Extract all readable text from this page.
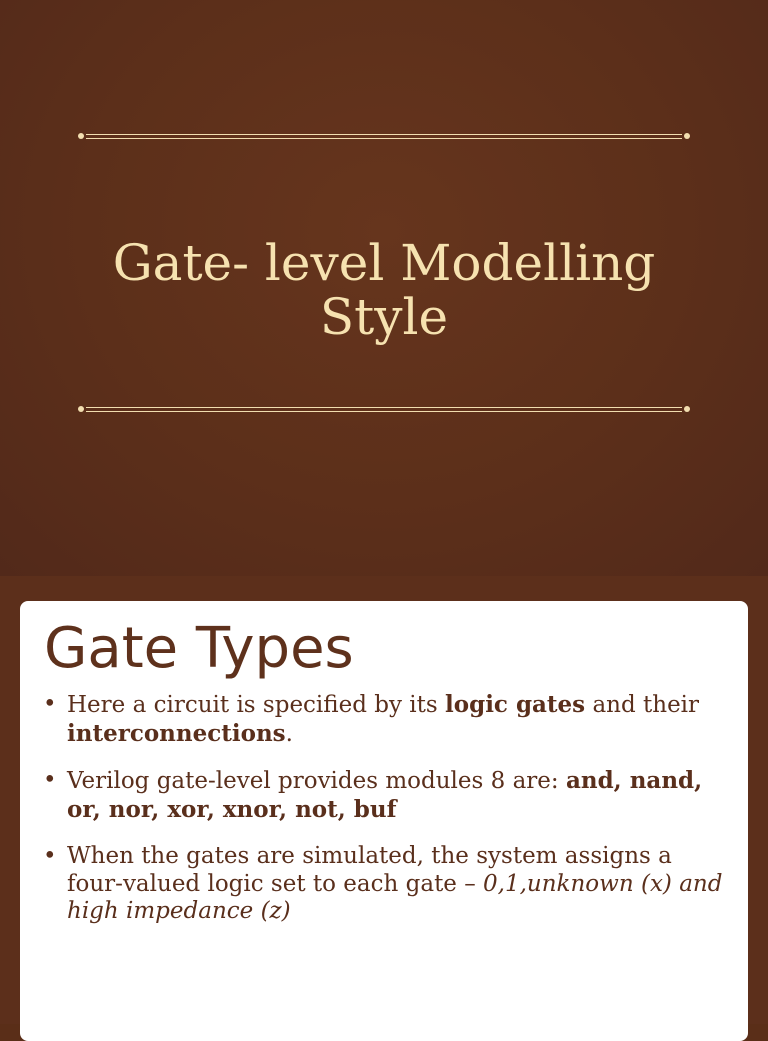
Gate- level Modelling
Style
Gate Types
• Here a circuit is specified by its logic gates and their interconnections.
• Verilog gate-level provides modules 8 are: and, nand, or, nor, xor, xnor, not, buf
• When the gates are simulated, the system assigns a four-valued logic set to each gate – 0,1,unknown (x) and high impedance (z)
